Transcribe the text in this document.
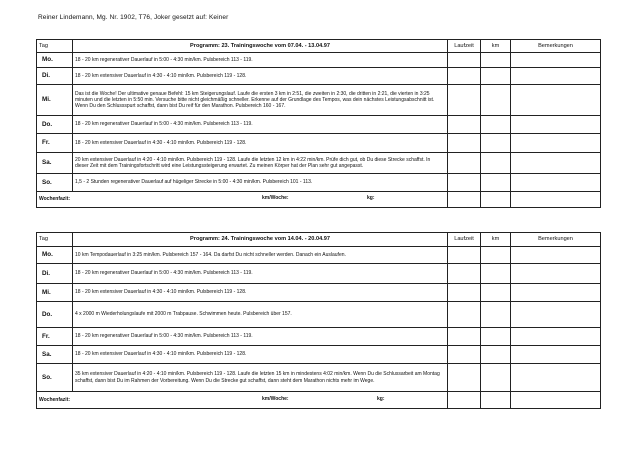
Reiner Lindemann, Mg. Nr. 1902, T76, Joker gesetzt auf: Keiner
Tag	Programm: 23. Trainingswoche vom 07.04. - 13.04.97	Laufzeit	km	Bemerkungen
Mo.	18 - 20 km regenerativer Dauerlauf in 5:00 - 4:30 min/km. Pulsbereich 113 - 119.			
Di.	18 - 20 km extensiver Dauerlauf in 4:30 - 4:10 min/km. Pulsbereich 119 - 128.			
Mi.	Das ist die Woche! Der ultimative genaue Befehl: 15 km Steigerungslauf. Laufe die ersten 3 km in 2:51, die zweiten in 2:30, die dritten in 2:21, die vierten in 3:25 minuten und die letzten in 5:50 min. Versuche bitte nicht gleichmäßig schneller. Erkenne auf der Grundlage des Tempos, was dein nächstes Leistungsabschnitt ist. Wenn Du den Schlussspurt schaffst, dann bist Du reif für den Marathon. Pulsbereich 160 - 167.			
Do.	18 - 20 km regenerativer Dauerlauf in 5:00 - 4:30 min/km. Pulsbereich 113 - 119.			
Fr.	18 - 20 km extensiver Dauerlauf in 4:30 - 4:10 min/km. Pulsbereich 119 - 128.			
Sa.	20 km extensiver Dauerlauf in 4:20 - 4:10 min/km. Pulsbereich 119 - 128. Laufe die letzten 12 km in 4:22 min/km. Prüfe dich gut, ob Du diese Strecke schaffst. In dieser Zeit mit dem Trainingsfortschritt wird eine Leistungssteigerung erwartet. Zu meinen Körper hat der Plan sehr gut angepasst.			
So.	1,5 - 2 Stunden regenerativer Dauerlauf auf hügeliger Strecke in 5:00 - 4:30 min/km. Pulsbereich 101 - 113.			
Wochenfazit: km/Woche: kg:				

Tag	Programm: 24. Trainingswoche vom 14.04. - 20.04.97	Laufzeit	km	Bemerkungen
Mo.	10 km Tempodauerlauf in 3:25 min/km. Pulsbereich 157 - 164. Da darfst Du nicht schneller werden. Danach ein Auslaufen.			
Di.	18 - 20 km regenerativer Dauerlauf in 5:00 - 4:30 min/km. Pulsbereich 113 - 119.			
Mi.	18 - 20 km extensiver Dauerlauf in 4:30 - 4:10 min/km. Pulsbereich 119 - 128.			
Do.	4 x 2000 m Wiederholungslaufe mit 2000 m Trabpause. Schwimmen heute. Pulsbereich über 157.			
Fr.	18 - 20 km regenerativer Dauerlauf in 5:00 - 4:30 min/km. Pulsbereich 113 - 119.			
Sa.	18 - 20 km extensiver Dauerlauf in 4:30 - 4:10 min/km. Pulsbereich 119 - 128.			
So.	35 km extensiver Dauerlauf in 4:20 - 4:10 min/km. Pulsbereich 119 - 128. Laufe die letzten 15 km in mindestens 4:02 min/km. Wenn Du die Schlussarbeit am Montag schaffst, dann bist Du im Rahmen der Vorbereitung. Wenn Du die Strecke gut schaffst, dann steht dem Marathon nichts mehr im Wege.			
Wochenfazit: km/Woche: kg:				
